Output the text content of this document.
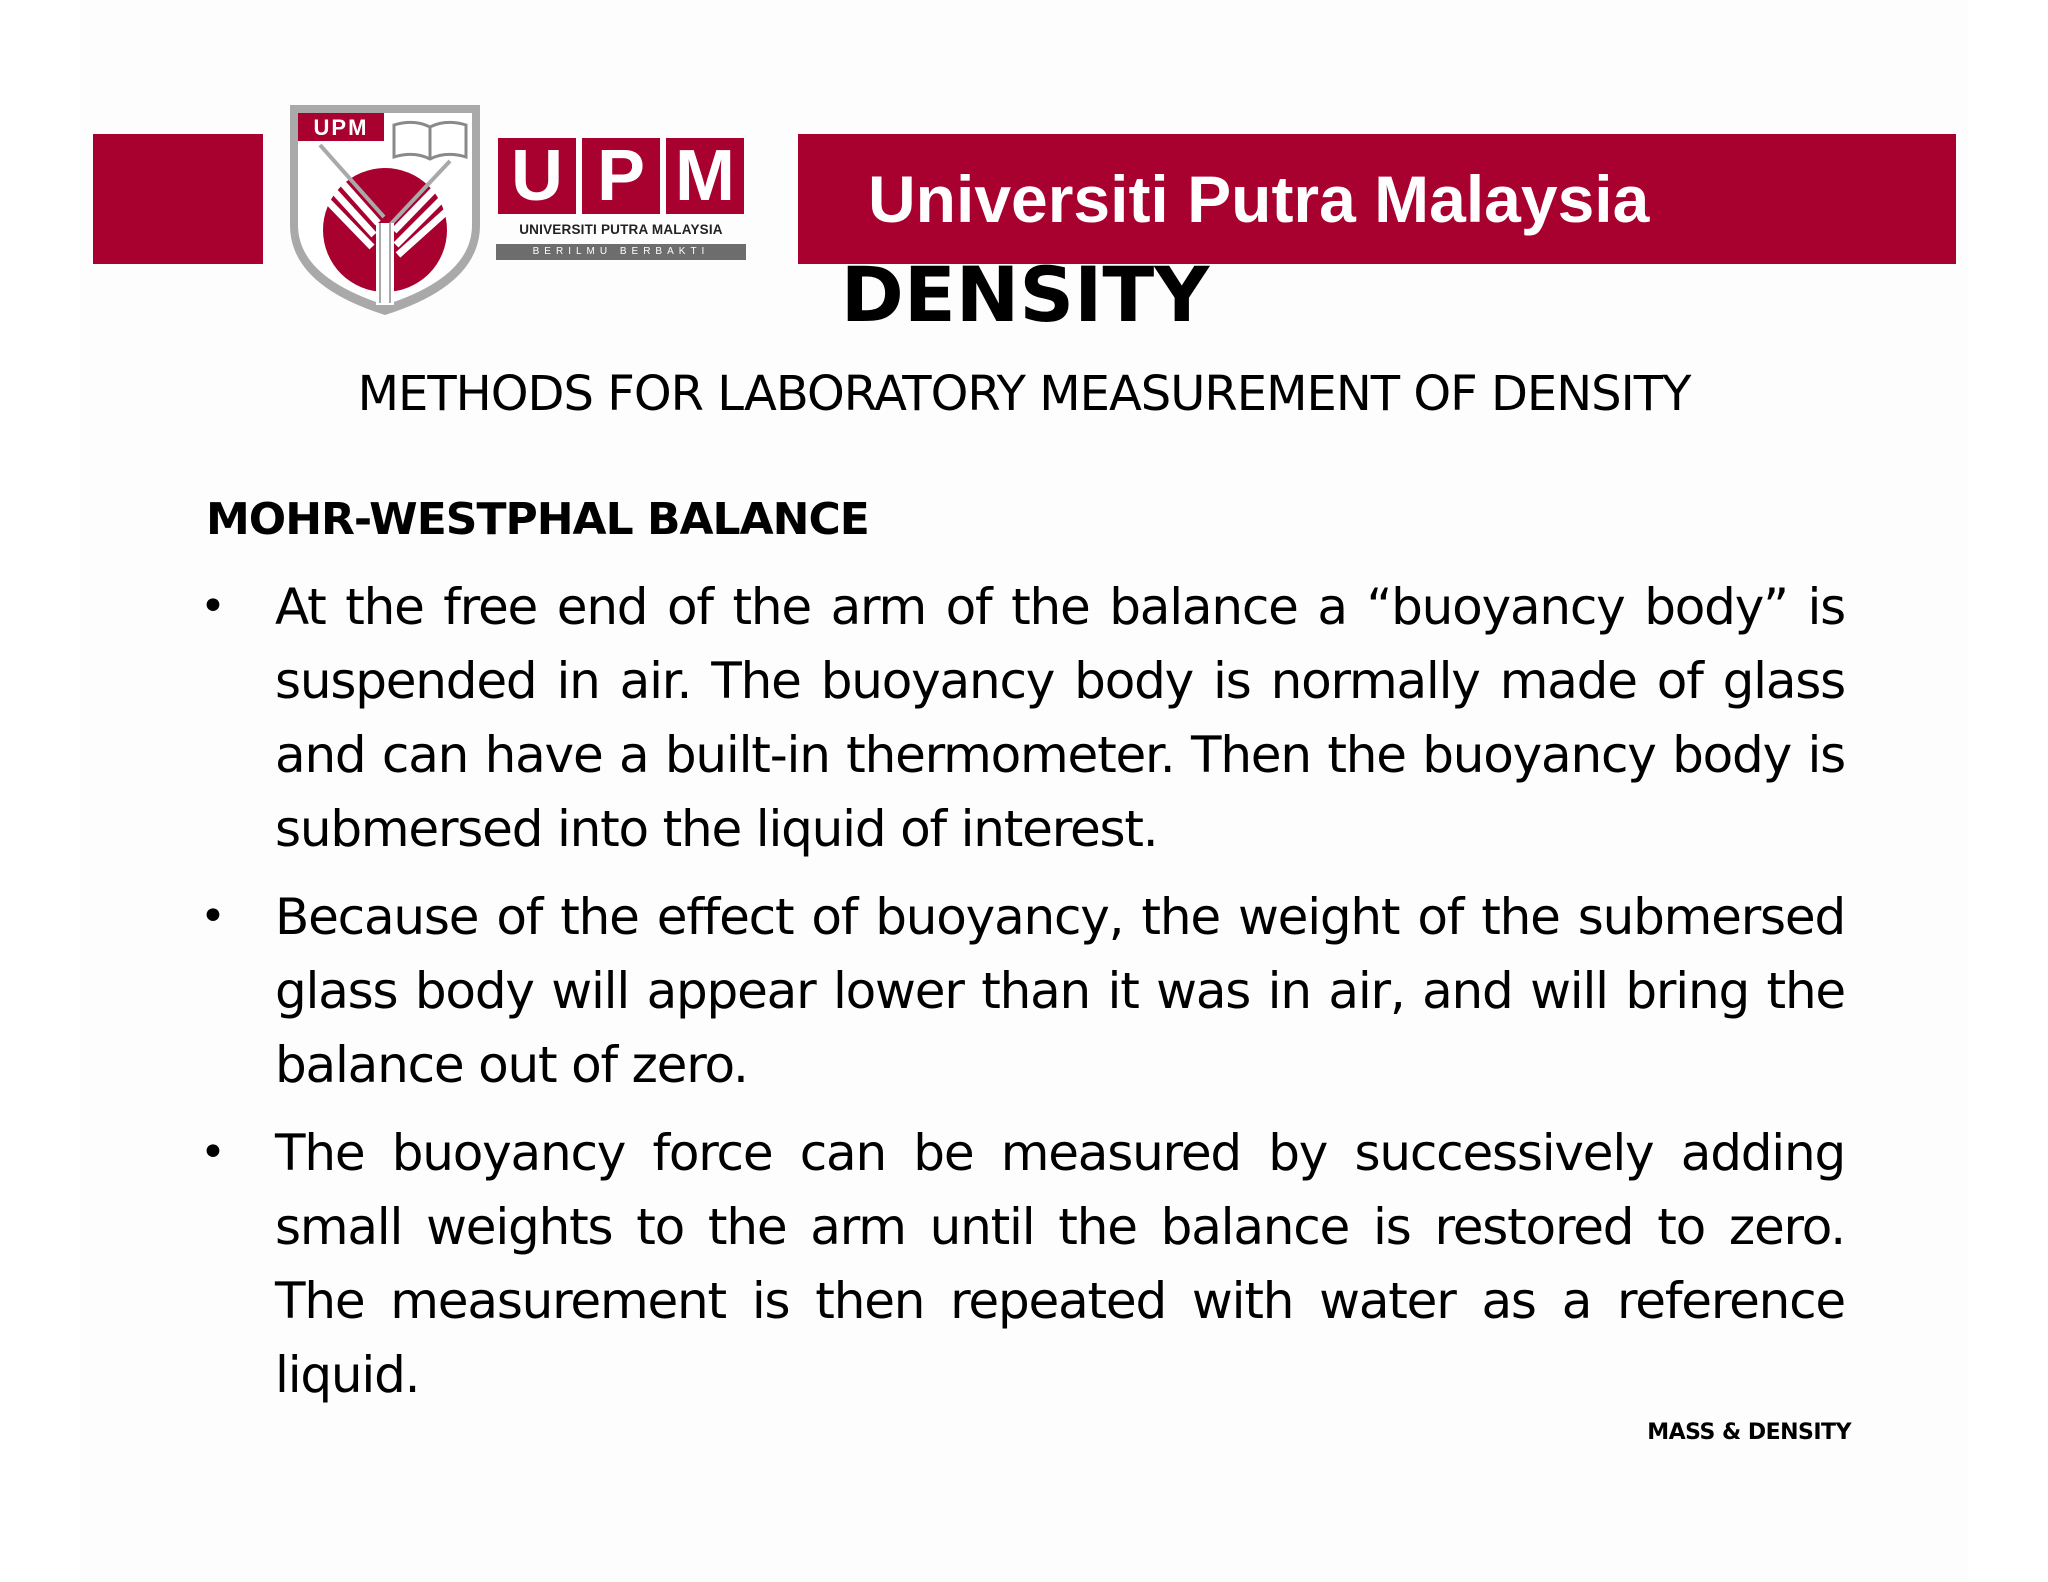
Universiti Putra Malaysia
UPM
U P M
UNIVERSITI PUTRA MALAYSIA
BERILMU BERBAKTI	DENSITY
METHODS FOR LABORATORY MEASUREMENT OF DENSITY
MOHR-WESTPHAL BALANCE
•	At the free end of the arm of the balance a “buoyancy body” is suspended in air. The buoyancy body is normally made of glass and can have a built-in thermometer. Then the buoyancy body is submersed into the liquid of interest.
•	Because of the effect of buoyancy, the weight of the submersed glass body will appear lower than it was in air, and will bring the balance out of zero.
•	The buoyancy force can be measured by successively adding small weights to the arm until the balance is restored to zero. The measurement is then repeated with water as a reference liquid.
MASS & DENSITY
